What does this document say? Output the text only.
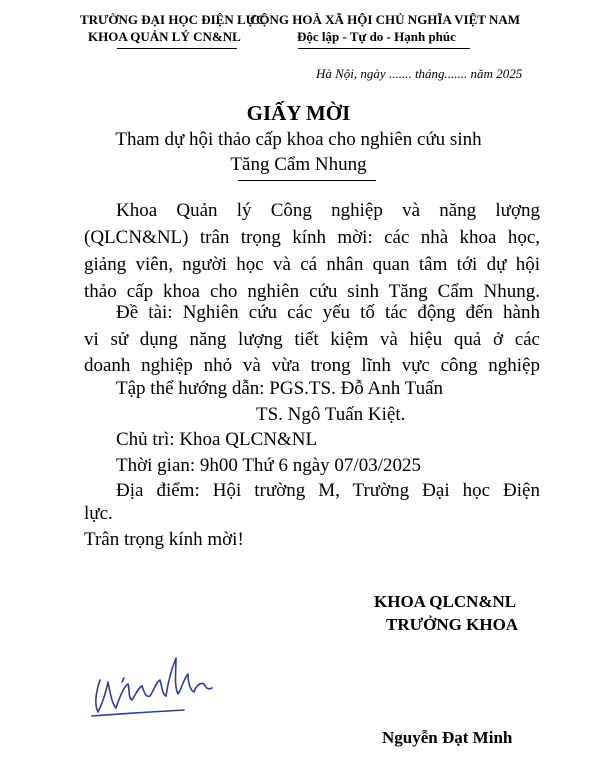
TRƯỜNG ĐẠI HỌC ĐIỆN LỰC
KHOA QUẢN LÝ CN&NL
CỘNG HOÀ XÃ HỘI CHỦ NGHĨA VIỆT NAM
Độc lập - Tự do - Hạnh phúc
Hà Nội, ngày ....... tháng....... năm 2025
GIẤY MỜI
Tham dự hội thảo cấp khoa cho nghiên cứu sinh
Tăng Cẩm Nhung
Khoa Quản lý Công nghiệp và năng lượng
(QLCN&NL) trân trọng kính mời: các nhà khoa học,
giảng viên, người học và cá nhân quan tâm tới dự hội
thảo cấp khoa cho nghiên cứu sinh Tăng Cẩm Nhung.
Đề tài: Nghiên cứu các yếu tố tác động đến hành
vi sử dụng năng lượng tiết kiệm và hiệu quả ở các
doanh nghiệp nhỏ và vừa trong lĩnh vực công nghiệp
Tập thể hướng dẫn: PGS.TS. Đỗ Anh Tuấn
TS. Ngô Tuấn Kiệt.
Chủ trì: Khoa QLCN&NL
Thời gian: 9h00 Thứ 6 ngày 07/03/2025
Địa điểm: Hội trường M, Trường Đại học Điện
lực.
Trân trọng kính mời!
KHOA QLCN&NL
TRƯỞNG KHOA
Nguyễn Đạt Minh
